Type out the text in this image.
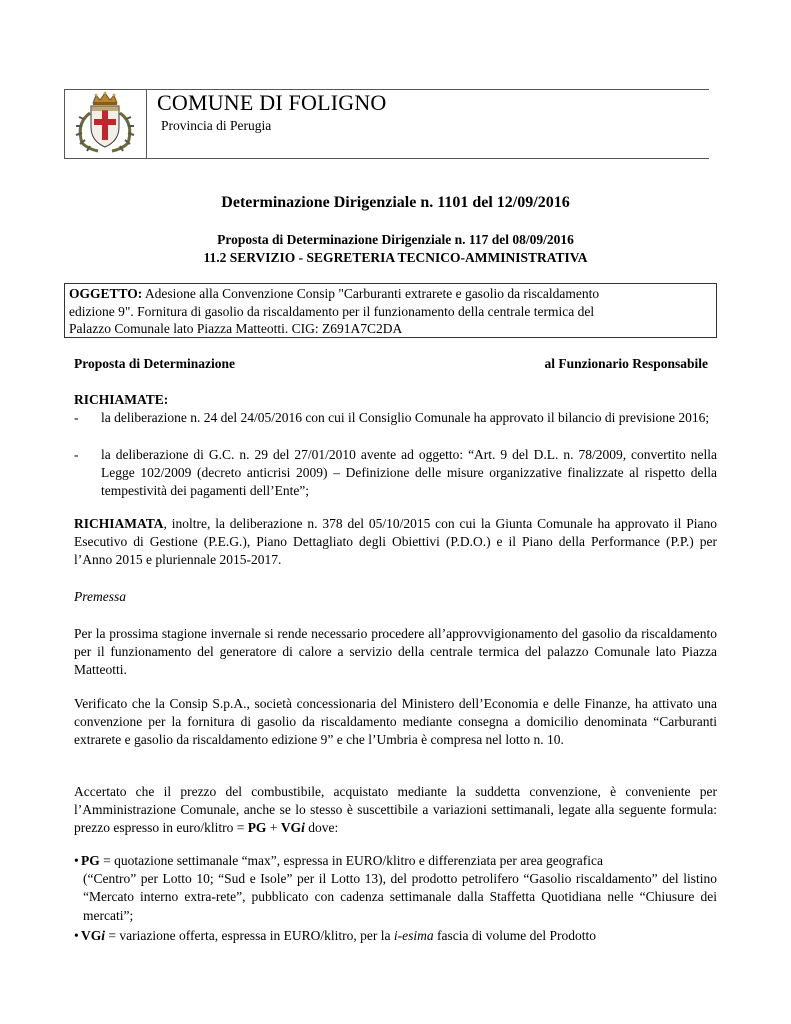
COMUNE DI FOLIGNO
Provincia di Perugia
Determinazione Dirigenziale n. 1101 del 12/09/2016
Proposta di Determinazione Dirigenziale n. 117 del 08/09/2016
11.2 SERVIZIO - SEGRETERIA TECNICO-AMMINISTRATIVA
OGGETTO: Adesione alla Convenzione Consip "Carburanti extrarete e gasolio da riscaldamento
edizione 9". Fornitura di gasolio da riscaldamento per il funzionamento della centrale termica del
Palazzo Comunale lato Piazza Matteotti. CIG: Z691A7C2DA
Proposta di Determinazione	al Funzionario Responsabile
RICHIAMATE:
- la deliberazione n. 24 del 24/05/2016 con cui il Consiglio Comunale ha approvato il bilancio di previsione 2016;
- la deliberazione di G.C. n. 29 del 27/01/2010 avente ad oggetto: “Art. 9 del D.L. n. 78/2009, convertito nella Legge 102/2009 (decreto anticrisi 2009) – Definizione delle misure organizzative finalizzate al rispetto della tempestività dei pagamenti dell’Ente”;
RICHIAMATA, inoltre, la deliberazione n. 378 del 05/10/2015 con cui la Giunta Comunale ha approvato il Piano Esecutivo di Gestione (P.E.G.), Piano Dettagliato degli Obiettivi (P.D.O.) e il Piano della Performance (P.P.) per l’Anno 2015 e pluriennale 2015-2017.
Premessa
Per la prossima stagione invernale si rende necessario procedere all’approvvigionamento del gasolio da riscaldamento per il funzionamento del generatore di calore a servizio della centrale termica del palazzo Comunale lato Piazza Matteotti.
Verificato che la Consip S.p.A., società concessionaria del Ministero dell’Economia e delle Finanze, ha attivato una convenzione per la fornitura di gasolio da riscaldamento mediante consegna a domicilio denominata “Carburanti extrarete e gasolio da riscaldamento edizione 9” e che l’Umbria è compresa nel lotto n. 10.
Accertato che il prezzo del combustibile, acquistato mediante la suddetta convenzione, è conveniente per l’Amministrazione Comunale, anche se lo stesso è suscettibile a variazioni settimanali, legate alla seguente formula: prezzo espresso in euro/klitro = PG + VGi dove:
• PG = quotazione settimanale “max”, espressa in EURO/klitro e differenziata per area geografica
(“Centro” per Lotto 10; “Sud e Isole” per il Lotto 13), del prodotto petrolifero “Gasolio riscaldamento” del listino “Mercato interno extra-rete”, pubblicato con cadenza settimanale dalla Staffetta Quotidiana nelle “Chiusure dei mercati”;
• VGi = variazione offerta, espressa in EURO/klitro, per la i-esima fascia di volume del Prodotto
